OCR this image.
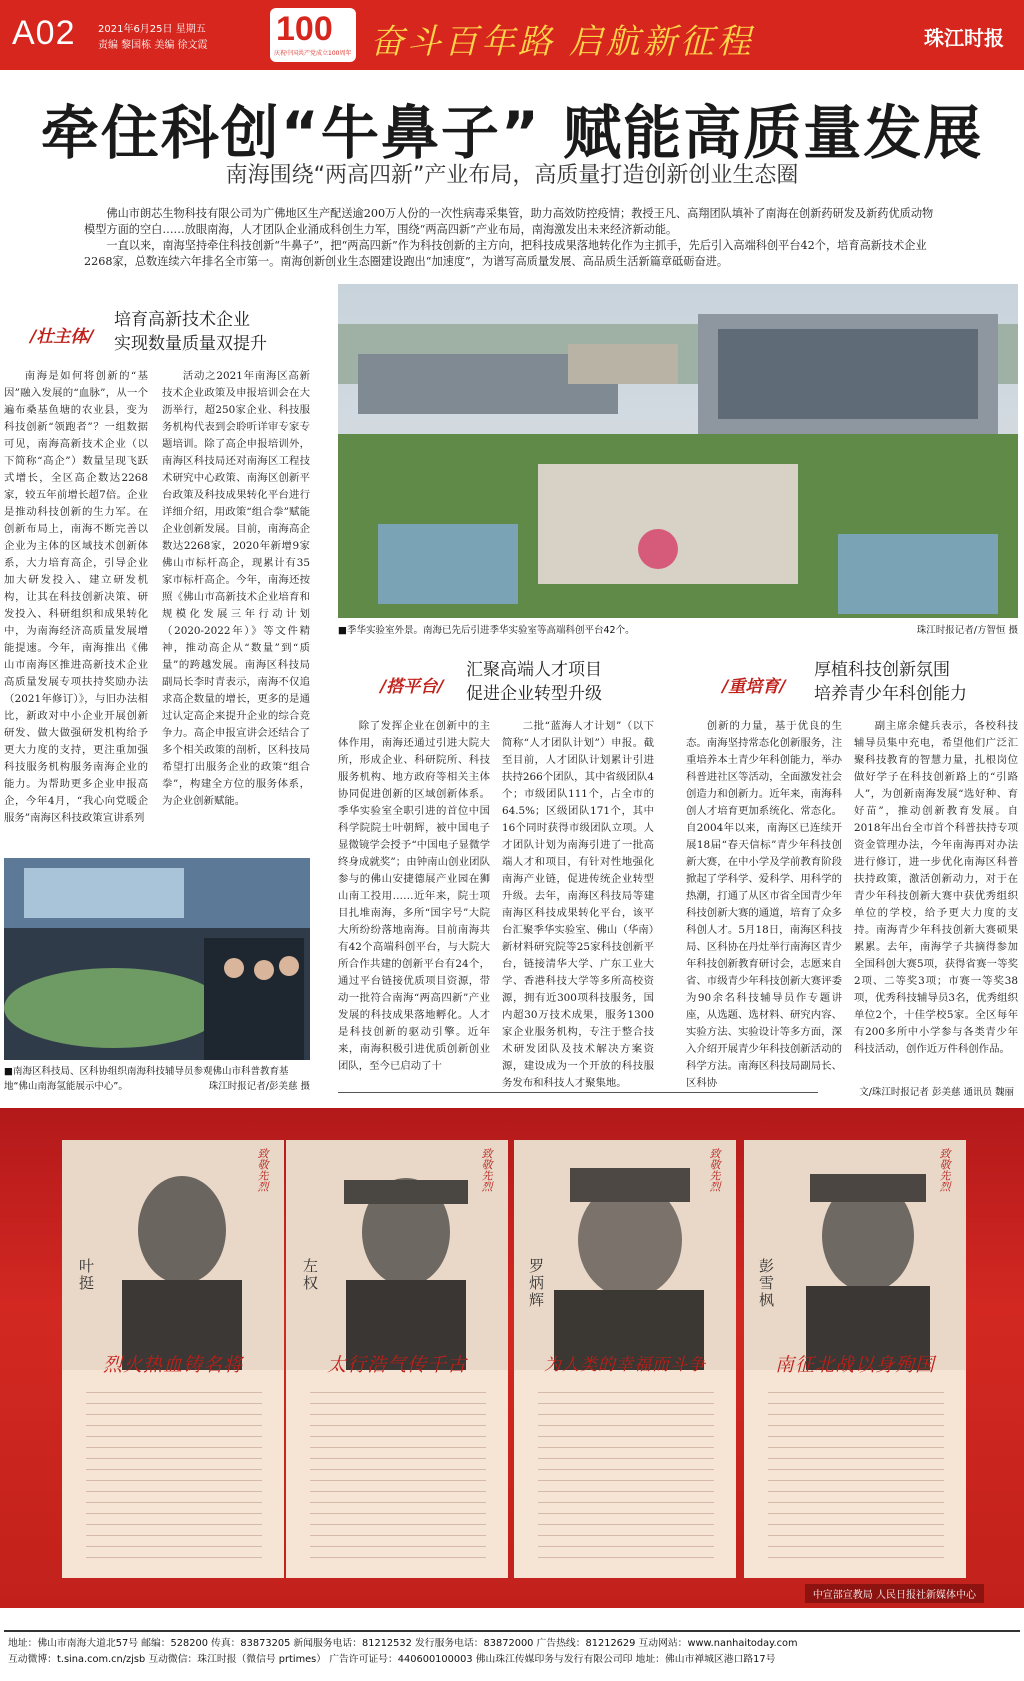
A02 2021年6月25日 星期五
责编 黎国栋 美编 徐文霞 100
庆祝中国共产党成立100周年 奋斗百年路 启航新征程	珠江时报
牵住科创“牛鼻子” 赋能高质量发展
南海围绕“两高四新”产业布局，高质量打造创新创业生态圈

佛山市朗芯生物科技有限公司为广佛地区生产配送逾200万人份的一次性病毒采集管，助力高效防控疫情；教授王凡、高翔团队填补了南海在创新药研发及新药优质动物模型方面的空白……放眼南海，人才团队企业涌成科创生力军，围绕“两高四新”产业布局，南海激发出未来经济新动能。

一直以来，南海坚持牵住科技创新“牛鼻子”，把“两高四新”作为科技创新的主方向，把科技成果落地转化作为主抓手，先后引入高端科创平台42个，培育高新技术企业2268家，总数连续六年排名全市第一。南海创新创业生态圈建设跑出“加速度”，为谱写高质量发展、高品质生活新篇章砥砺奋进。

/壮主体/
培育高新技术企业
实现数量质量双提升

南海是如何将创新的“基因”融入发展的“血脉”，从一个遍布桑基鱼塘的农业县，变为科技创新“领跑者”？一组数据可见，南海高新技术企业（以下简称“高企”）数量呈现飞跃式增长，全区高企数达2268家，较五年前增长超7倍。企业是推动科技创新的生力军。在创新布局上，南海不断完善以企业为主体的区域技术创新体系，大力培育高企，引导企业加大研发投入、建立研发机构，让其在科技创新决策、研发投入、科研组织和成果转化中，为南海经济高质量发展增能提速。今年，南海推出《佛山市南海区推进高新技术企业高质量发展专项扶持奖励办法（2021年修订）》，与旧办法相比，新政对中小企业开展创新研发、做大做强研发机构给予更大力度的支持，更注重加强科技服务机构服务南海企业的能力。为帮助更多企业申报高企，今年4月，“我心向党暖企服务”南海区科技政策宣讲系列

活动之2021年南海区高新技术企业政策及申报培训会在大沥举行，超250家企业、科技服务机构代表到会聆听详审专家专题培训。除了高企申报培训外，南海区科技局还对南海区工程技术研究中心政策、南海区创新平台政策及科技成果转化平台进行详细介绍，用政策“组合拳”赋能企业创新发展。目前，南海高企数达2268家，2020年新增9家佛山市标杆高企，现累计有35家市标杆高企。今年，南海还按照《佛山市高新技术企业培育和规模化发展三年行动计划（2020-2022年）》等文件精神，推动高企从“数量”到“质量”的跨越发展。南海区科技局副局长李时青表示，南海不仅追求高企数量的增长，更多的是通过认定高企来提升企业的综合竞争力。高企申报宣讲会还结合了多个相关政策的剖析，区科技局希望打出服务企业的政策“组合拳”，构建全方位的服务体系，为企业创新赋能。

■季华实验室外景。南海已先后引进季华实验室等高端科创平台42个。	珠江时报记者/方智恒 摄
/搭平台/
汇聚高端人才项目
促进企业转型升级

除了发挥企业在创新中的主体作用，南海还通过引进大院大所，形成企业、科研院所、科技服务机构、地方政府等相关主体协同促进创新的区域创新体系。季华实验室全职引进的首位中国科学院院士叶朝辉，被中国电子显微镜学会授予“中国电子显微学终身成就奖”；由钟南山创业团队参与的佛山安捷德展产业园在狮山南工投用……近年来，院士项目扎堆南海，多所“国字号”大院大所纷纷落地南海。目前南海共有42个高端科创平台，与大院大所合作共建的创新平台有24个，通过平台链接优质项目资源，带动一批符合南海“两高四新”产业发展的科技成果落地孵化。人才是科技创新的驱动引擎。近年来，南海积极引进优质创新创业团队，至今已启动了十

二批“蓝海人才计划”（以下简称“人才团队计划”）申报。截至目前，人才团队计划累计引进扶持266个团队，其中省级团队4个；市级团队111个，占全市的64.5%；区级团队171个，其中16个同时获得市级团队立项。人才团队计划为南海引进了一批高端人才和项目，有针对性地强化南海产业链，促进传统企业转型升级。去年，南海区科技局等建南海区科技成果转化平台，该平台汇聚季华实验室、佛山（华南）新材料研究院等25家科技创新平台，链接清华大学、广东工业大学、香港科技大学等多所高校资源，拥有近300项科技服务，国内超30万技术成果，服务1300家企业服务机构，专注于整合技术研发团队及技术解决方案资源，建设成为一个开放的科技服务发布和科技人才聚集地。

/重培育/
厚植科技创新氛围
培养青少年科创能力

创新的力量，基于优良的生态。南海坚持常态化创新服务，注重培养本土青少年科创能力，举办科普进社区等活动，全面激发社会创造力和创新力。近年来，南海科创人才培育更加系统化、常态化。自2004年以来，南海区已连续开展18届“春天信标”青少年科技创新大赛，在中小学及学前教育阶段掀起了学科学、爱科学、用科学的热潮，打通了从区市省全国青少年科技创新大赛的通道，培育了众多科创人才。5月18日，南海区科技局、区科协在丹灶举行南海区青少年科技创新教育研讨会，志愿来自省、市级青少年科技创新大赛评委为90余名科技辅导员作专题讲座，从选题、选材料、研究内容、实验方法、实验设计等多方面，深入介绍开展青少年科技创新活动的科学方法。南海区科技局副局长、区科协

副主席余健兵表示，各校科技辅导员集中充电，希望他们广泛汇聚科技教育的智慧力量，扎根岗位做好学子在科技创新路上的“引路人”，为创新南海发展“选好种、育好苗”，推动创新教育发展。自2018年出台全市首个科普扶持专项资金管理办法，今年南海再对办法进行修订，进一步优化南海区科普扶持政策，激活创新动力，对于在青少年科技创新大赛中获优秀组织单位的学校，给予更大力度的支持。南海青少年科技创新大赛硕果累累。去年，南海学子共摘得参加全国科创大赛5项，获得省赛一等奖2项、二等奖3项；市赛一等奖38项，优秀科技辅导员3名，优秀组织单位2个，十佳学校5家。全区每年有200多所中小学参与各类青少年科技活动，创作近万件科创作品。

■南海区科技局、区科协组织南海科技辅导员参观佛山市科普教育基地“佛山南海氢能展示中心”。	珠江时报记者/彭美慈 摄
文/珠江时报记者 彭美慈 通讯员 魏丽
致敬先烈
叶挺
烈火热血铸名将
致敬先烈
左权
太行浩气传千古
致敬先烈
罗炳辉
为人类的幸福而斗争
致敬先烈
彭雪枫
南征北战以身殉国
中宣部宣教局 人民日报社新媒体中心
地址：佛山市南海大道北57号 邮编：528200 传真：83873205 新闻服务电话：81212532 发行服务电话：83872000 广告热线：81212629 互动网站：www.nanhaitoday.com
互动微博：t.sina.com.cn/zjsb 互动微信：珠江时报（微信号 prtimes） 广告许可证号：440600100003 佛山珠江传媒印务与发行有限公司印 地址：佛山市禅城区港口路17号
